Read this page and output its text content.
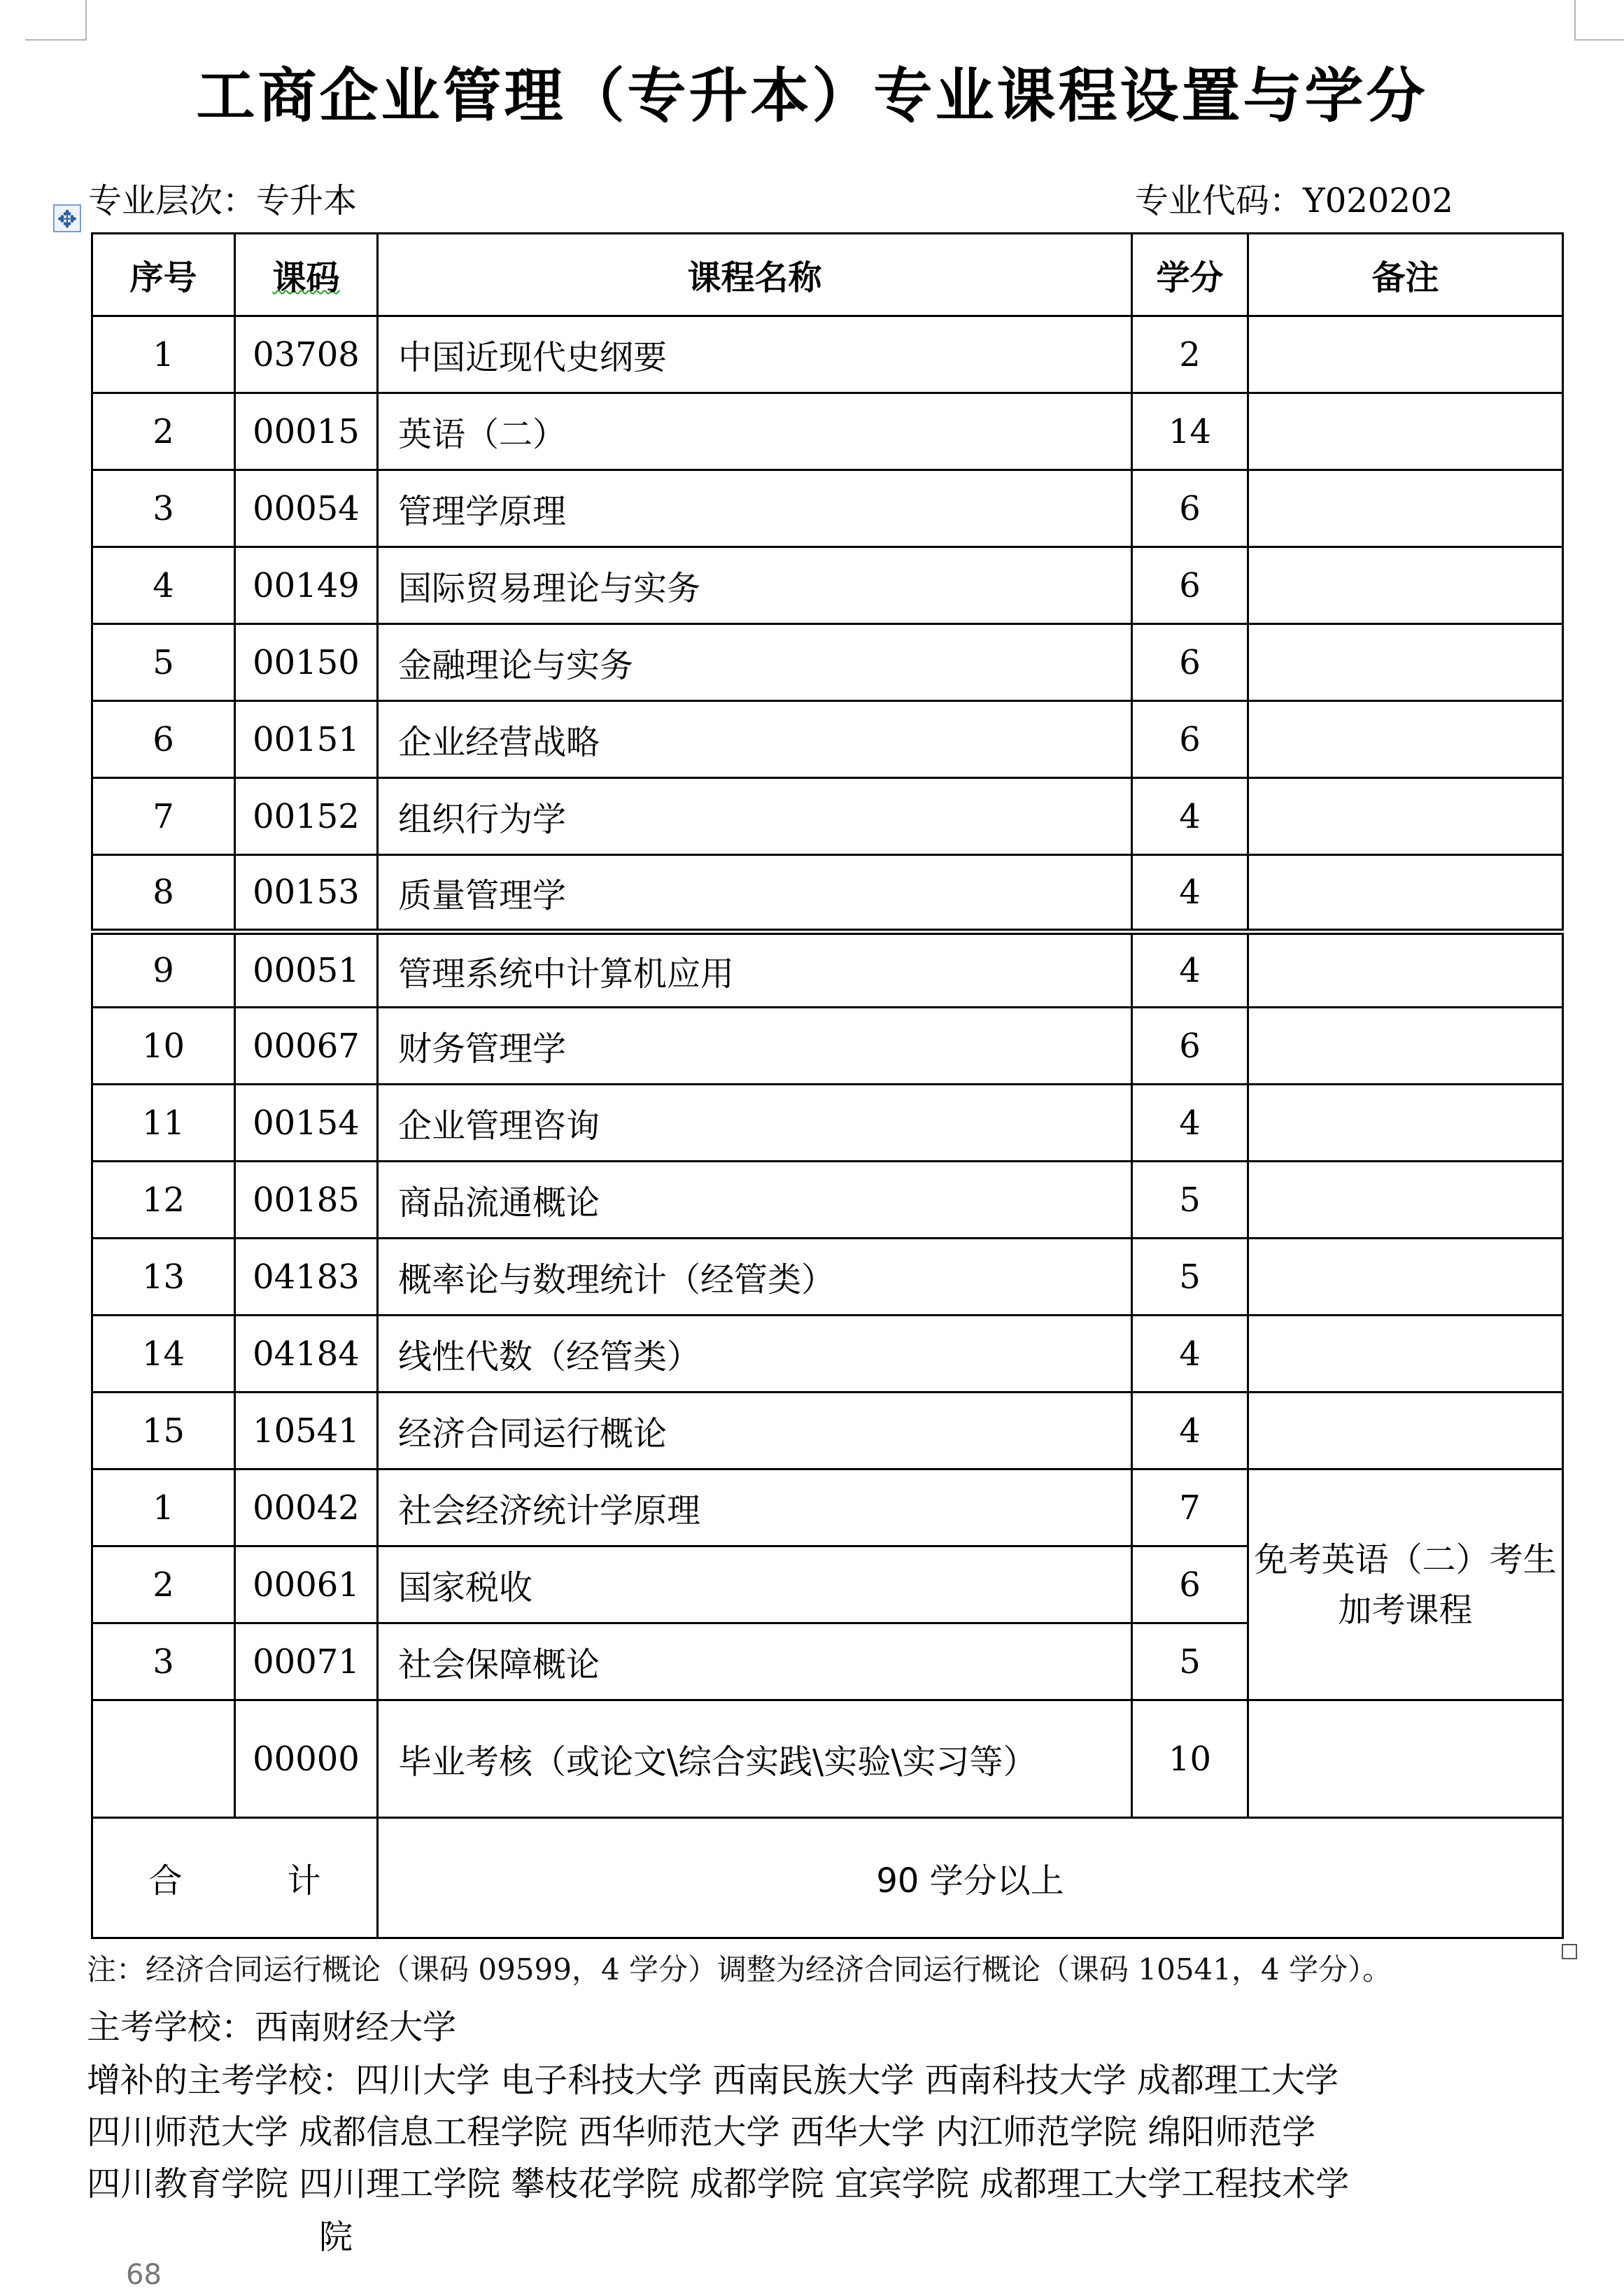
工商企业管理（专升本）专业课程设置与学分
专业层次：专升本	专业代码：Y020202
✥
序号	课码	课程名称	学分	备注
1	03708	中国近现代史纲要	2	
2	00015	英语（二）	14	
3	00054	管理学原理	6	
4	00149	国际贸易理论与实务	6	
5	00150	金融理论与实务	6	
6	00151	企业经营战略	6	
7	00152	组织行为学	4	
8	00153	质量管理学	4	
9	00051	管理系统中计算机应用	4	
10	00067	财务管理学	6	
11	00154	企业管理咨询	4	
12	00185	商品流通概论	5	
13	04183	概率论与数理统计（经管类）	5	
14	04184	线性代数（经管类）	4	
15	10541	经济合同运行概论	4	
1	00042	社会经济统计学原理	7	免考英语（二）考生加考课程
2	00061	国家税收	6	
3	00071	社会保障概论	5	
	00000	毕业考核（或论文\综合实践\实验\实习等）	10	
合 计		90 学分以上		
注：经济合同运行概论（课码 09599，4 学分）调整为经济合同运行概论（课码 10541，4 学分）。
主考学校：西南财经大学
增补的主考学校：四川大学 电子科技大学 西南民族大学 西南科技大学 成都理工大学
四川师范大学 成都信息工程学院 西华师范大学 西华大学 内江师范学院 绵阳师范学
四川教育学院 四川理工学院 攀枝花学院 成都学院 宜宾学院 成都理工大学工程技术学
院
68
